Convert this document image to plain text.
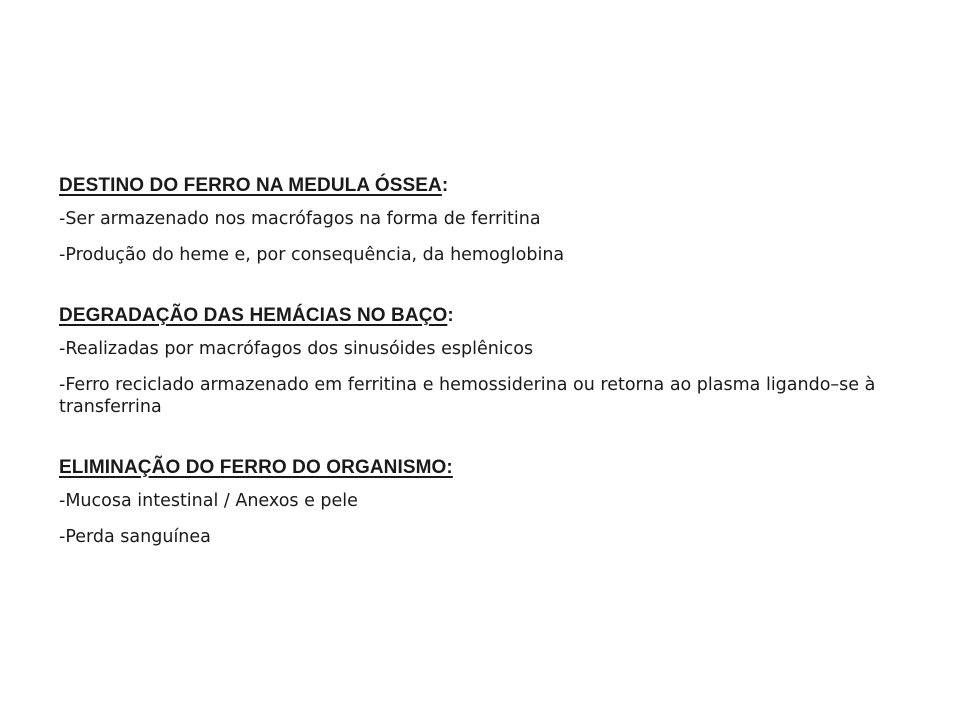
DESTINO DO FERRO NA MEDULA ÓSSEA:

-Ser armazenado nos macrófagos na forma de ferritina

-Produção do heme e, por consequência, da hemoglobina

DEGRADAÇÃO DAS HEMÁCIAS NO BAÇO:

-Realizadas por macrófagos dos sinusóides esplênicos

-Ferro reciclado armazenado em ferritina e hemossiderina ou retorna ao plasma ligando–se à transferrina

ELIMINAÇÃO DO FERRO DO ORGANISMO:

-Mucosa intestinal / Anexos e pele

-Perda sanguínea
